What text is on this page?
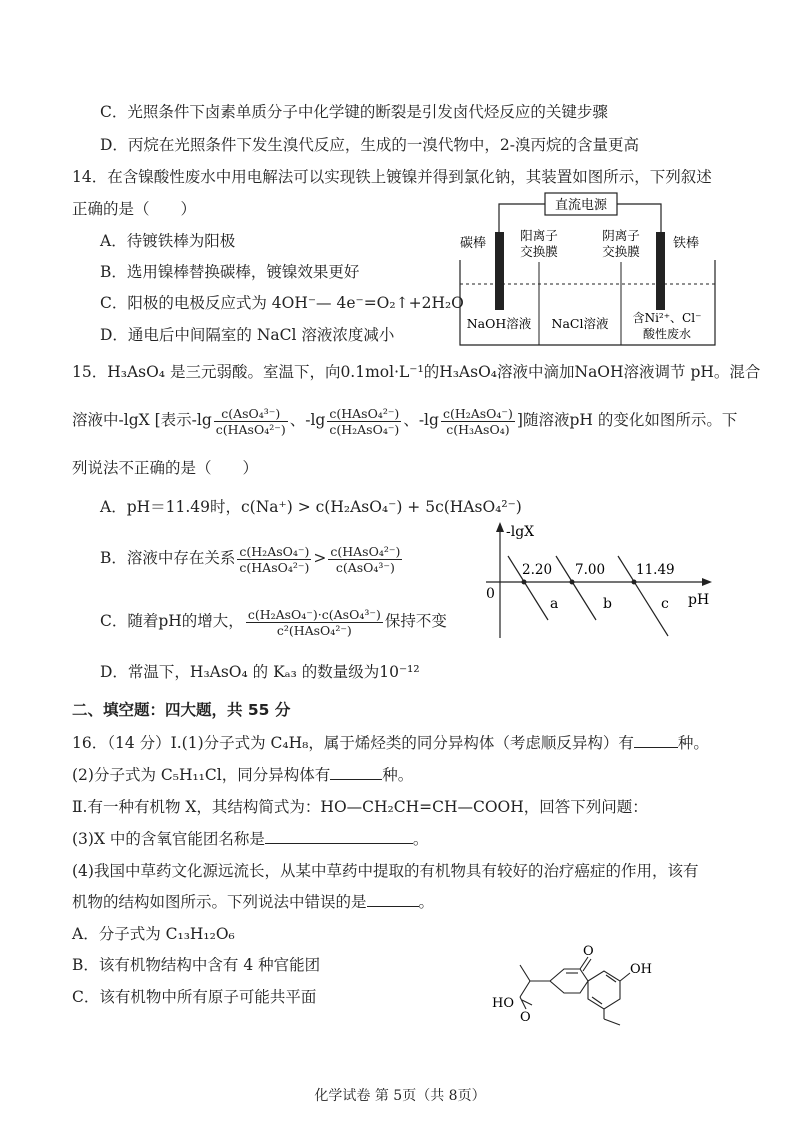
C．光照条件下卤素单质分子中化学键的断裂是引发卤代烃反应的关键步骤
D．丙烷在光照条件下发生溴代反应，生成的一溴代物中，2-溴丙烷的含量更高
14．在含镍酸性废水中用电解法可以实现铁上镀镍并得到氯化钠，其装置如图所示，下列叙述
正确的是（　　）
A．待镀铁棒为阳极
B．选用镍棒替换碳棒，镀镍效果更好
C．阳极的电极反应式为 4OH⁻— 4e⁻=O₂↑+2H₂O
D．通电后中间隔室的 NaCl 溶液浓度减小
直流电源
碳棒	铁棒
阳离子
交换膜
阴离子
交换膜
NaOH溶液 NaCl溶液 含Ni²⁺、Cl⁻
酸性废水
15．H₃AsO₄ 是三元弱酸。室温下，向0.1mol·L⁻¹的H₃AsO₄溶液中滴加NaOH溶液调节 pH。混合
溶液中-lgX [表示$-\lg \frac{\text{c(AsO₄³⁻)}}{\text{c(HAsO₄²⁻)}}$ 、$-\lg \frac{\text{c(HAsO₄²⁻)}}{\text{c(H₂AsO₄⁻)}}$ 、$-\lg \frac{\text{c(H₂AsO₄⁻)}}{\text{c(H₃AsO₄)}}$ ]随溶液pH 的变化如图所示。下
列说法不正确的是（　　）
A．pH＝11.49时，c(Na⁺) > c(H₂AsO₄⁻) + 5c(HAsO₄²⁻)
B．溶液中存在关系 $\frac{\text{c(H₂AsO₄⁻)}}{\text{c(HAsO₄²⁻)}} > \frac{\text{c(HAsO₄²⁻)}}{\text{c(AsO₄³⁻)}}$
C．随着pH的增大， $\frac{\text{c(H₂AsO₄⁻)·c(AsO₄³⁻)}}{\text{c²(HAsO₄²⁻)}}$ 保持不变
D．常温下，H₃AsO₄ 的 Kₐ₃ 的数量级为10⁻¹²
-lgX
pH
0
2.20 7.00 11.49
a	b	c
二、填空题：四大题，共 55 分
16．（14 分）Ⅰ.(1)分子式为 C₄H₈，属于烯烃类的同分异构体（考虑顺反异构）有	种。
(2)分子式为 C₅H₁₁Cl，同分异构体有	种。
Ⅱ.有一种有机物 X，其结构简式为：HO—CH₂CH=CH—COOH，回答下列问题：
(3)X 中的含氧官能团名称是	。
(4)我国中草药文化源远流长，从某中草药中提取的有机物具有较好的治疗癌症的作用，该有
机物的结构如图所示。下列说法中错误的是	。
A．分子式为 C₁₃H₁₂O₆
B．该有机物结构中含有 4 种官能团
C．该有机物中所有原子可能共平面
O
OH
HO
O
化学试卷 第 5页（共 8页）
